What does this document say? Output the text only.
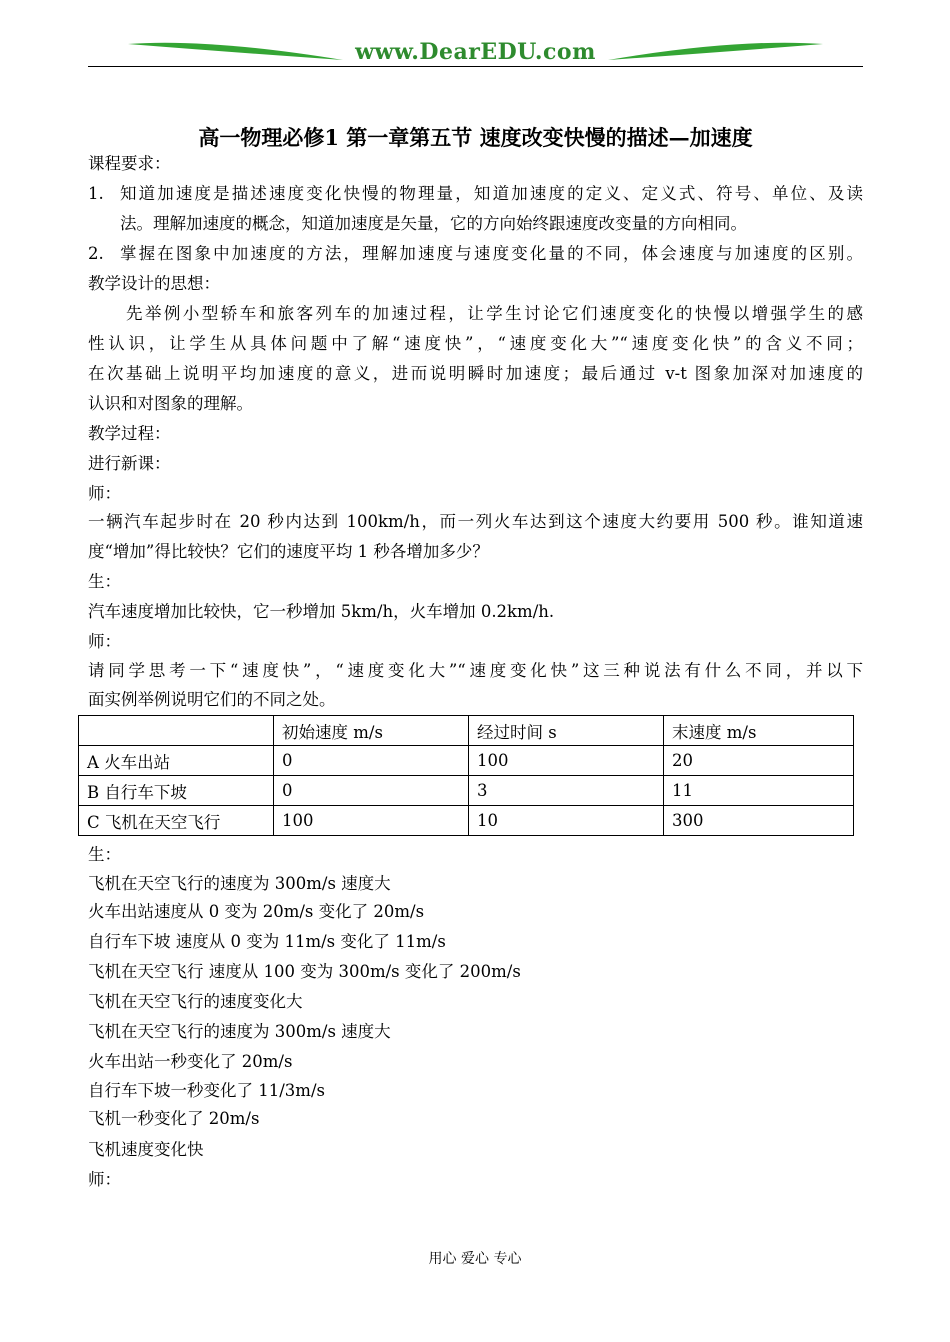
www.DearEDU.com
高一物理必修1 第一章第五节 速度改变快慢的描述—加速度
课程要求：
1. 知道加速度是描述速度变化快慢的物理量，知道加速度的定义、定义式、符号、单位、及读
法。理解加速度的概念，知道加速度是矢量，它的方向始终跟速度改变量的方向相同。
2. 掌握在图象中加速度的方法，理解加速度与速度变化量的不同，体会速度与加速度的区别。
教学设计的思想：
先举例小型轿车和旅客列车的加速过程，让学生讨论它们速度变化的快慢以增强学生的感
性认识，让学生从具体问题中了解“速度快”，“速度变化大”“速度变化快”的含义不同；
在次基础上说明平均加速度的意义，进而说明瞬时加速度；最后通过 v-t 图象加深对加速度的
认识和对图象的理解。
教学过程：
进行新课：
师：
一辆汽车起步时在 20 秒内达到 100km/h，而一列火车达到这个速度大约要用 500 秒。谁知道速
度“增加”得比较快？它们的速度平均 1 秒各增加多少？
生：
汽车速度增加比较快，它一秒增加 5km/h，火车增加 0.2km/h.
师：
请同学思考一下“速度快”，“速度变化大”“速度变化快”这三种说法有什么不同，并以下
面实例举例说明它们的不同之处。
	初始速度 m/s	经过时间 s	末速度 m/s
A 火车出站	0	100	20
B 自行车下坡	0	3	11
C 飞机在天空飞行	100	10	300
生：
飞机在天空飞行的速度为 300m/s 速度大
火车出站速度从 0 变为 20m/s 变化了 20m/s
自行车下坡 速度从 0 变为 11m/s 变化了 11m/s
飞机在天空飞行 速度从 100 变为 300m/s 变化了 200m/s
飞机在天空飞行的速度变化大
飞机在天空飞行的速度为 300m/s 速度大
火车出站一秒变化了 20m/s
自行车下坡一秒变化了 11/3m/s
飞机一秒变化了 20m/s
飞机速度变化快
师：
用心 爱心 专心
